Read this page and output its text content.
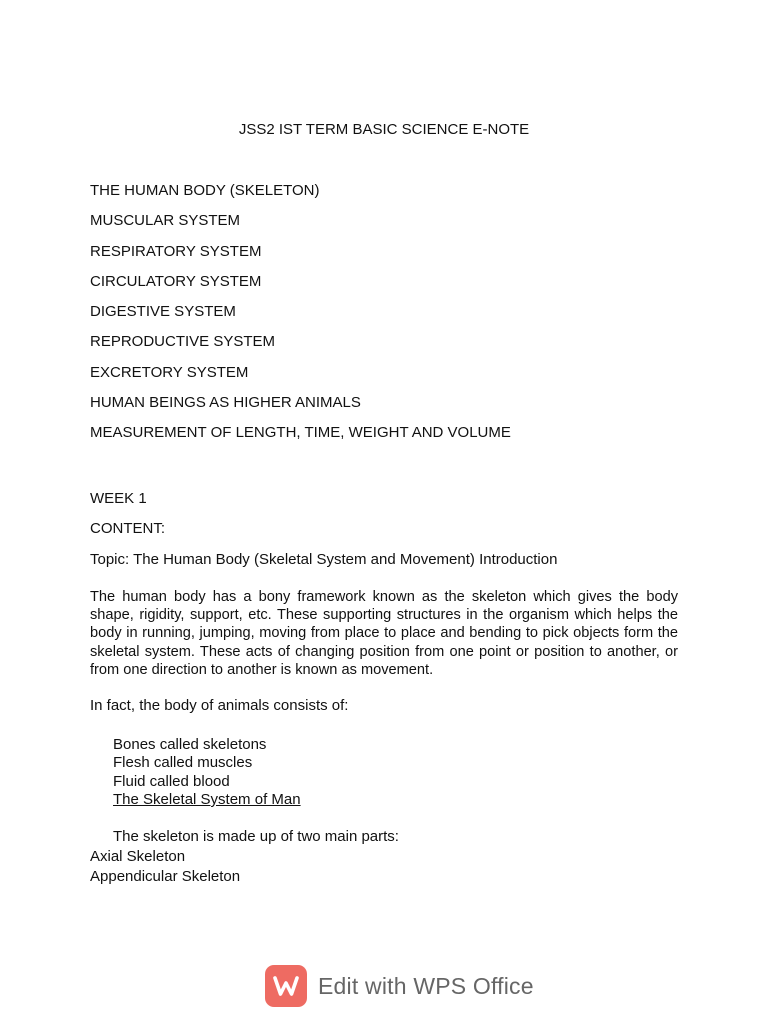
JSS2 IST TERM BASIC SCIENCE E-NOTE
THE HUMAN BODY (SKELETON)
MUSCULAR SYSTEM
RESPIRATORY SYSTEM
CIRCULATORY SYSTEM
DIGESTIVE SYSTEM
REPRODUCTIVE SYSTEM
EXCRETORY SYSTEM
HUMAN BEINGS AS HIGHER ANIMALS
MEASUREMENT OF LENGTH, TIME, WEIGHT AND VOLUME

WEEK 1

CONTENT:

Topic: The Human Body (Skeletal System and Movement) Introduction

The human body has a bony framework known as the skeleton which gives the body shape, rigidity, support, etc. These supporting structures in the organism which helps the body in running, jumping, moving from place to place and bending to pick objects form the skeletal system. These acts of changing position from one point or position to another, or from one direction to another is known as movement.

In fact, the body of animals consists of:

Bones called skeletons
Flesh called muscles
Fluid called blood
The Skeletal System of Man
The skeleton is made up of two main parts:
Axial Skeleton
Appendicular Skeleton
Edit with WPS Office
